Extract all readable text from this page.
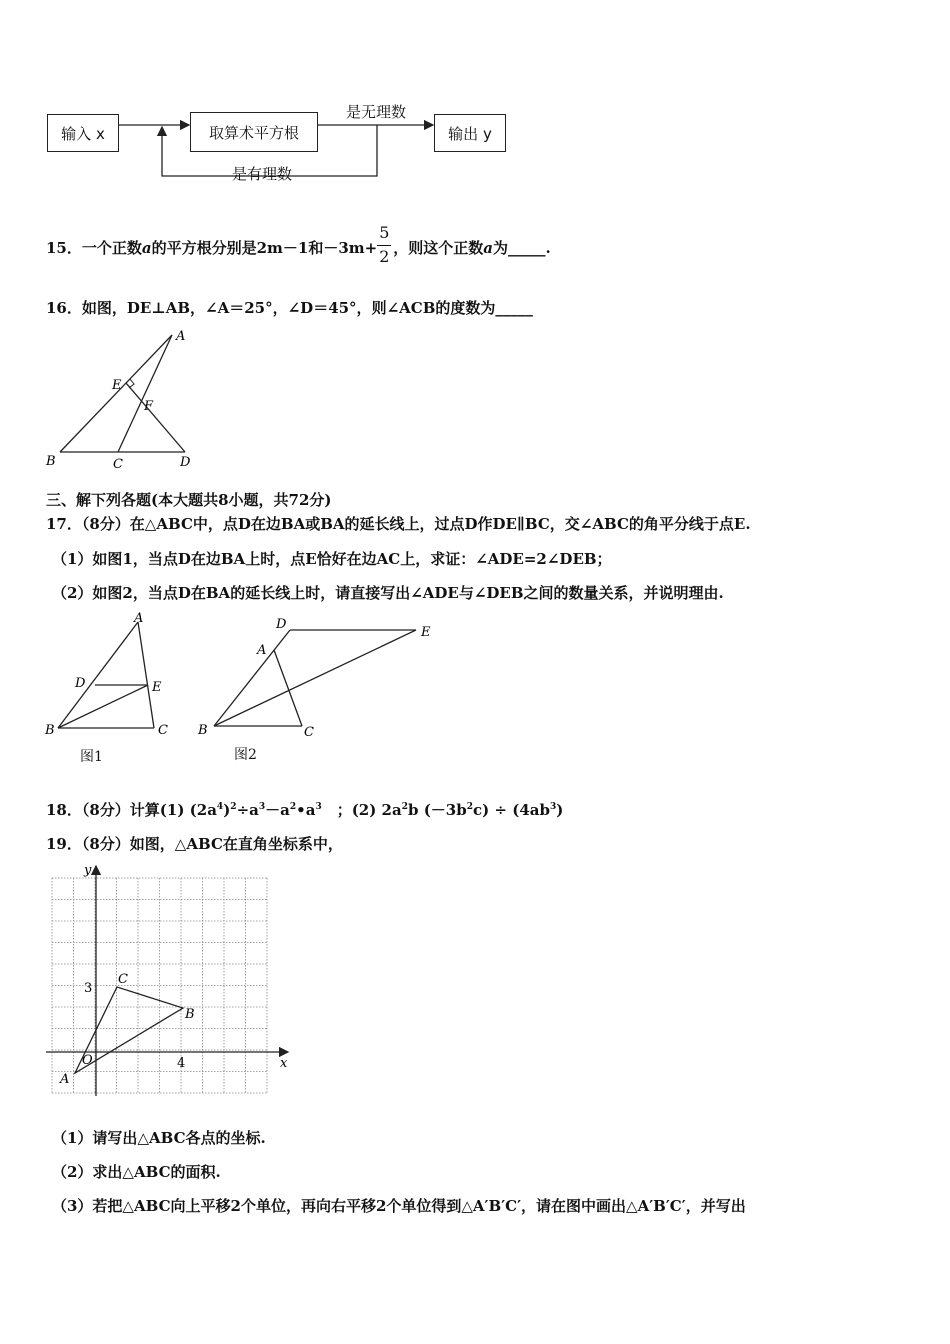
输入 x	取算术平方根	输出 y
是无理数
是有理数
15．一个正数a的平方根分别是2m－1和－3m+
$\frac{5}{2}$
，则这个正数a为_____.
16．如图，DE⊥AB，∠A＝25°，∠D＝45°，则∠ACB的度数为_____
A
E
F
B	C	D
三、解下列各题(本大题共8小题，共72分)
17．（8分）在△ABC中，点D在边BA或BA的延长线上，过点D作DE∥BC，交∠ABC的角平分线于点E.
（1）如图1，当点D在边BA上时，点E恰好在边AC上，求证：∠ADE=2∠DEB；
（2）如图2，当点D在BA的延长线上时，请直接写出∠ADE与∠DEB之间的数量关系，并说明理由.
A
D	E
B	C
图1
D
E
A
B	C
图2
18．（8分）计算(1) $(2a^4)^2\div a^3-a^2•a^3$　；(2) $2a^2b$ $(-3b^2c) \div (4ab^3)$
19．（8分）如图，△ABC在直角坐标系中，
x
y
O
3
4
A
B
C
（1）请写出△ABC各点的坐标.
（2）求出△ABC的面积.
（3）若把△ABC向上平移2个单位，再向右平移2个单位得到△A′B′C′，请在图中画出△A′B′C′，并写出
